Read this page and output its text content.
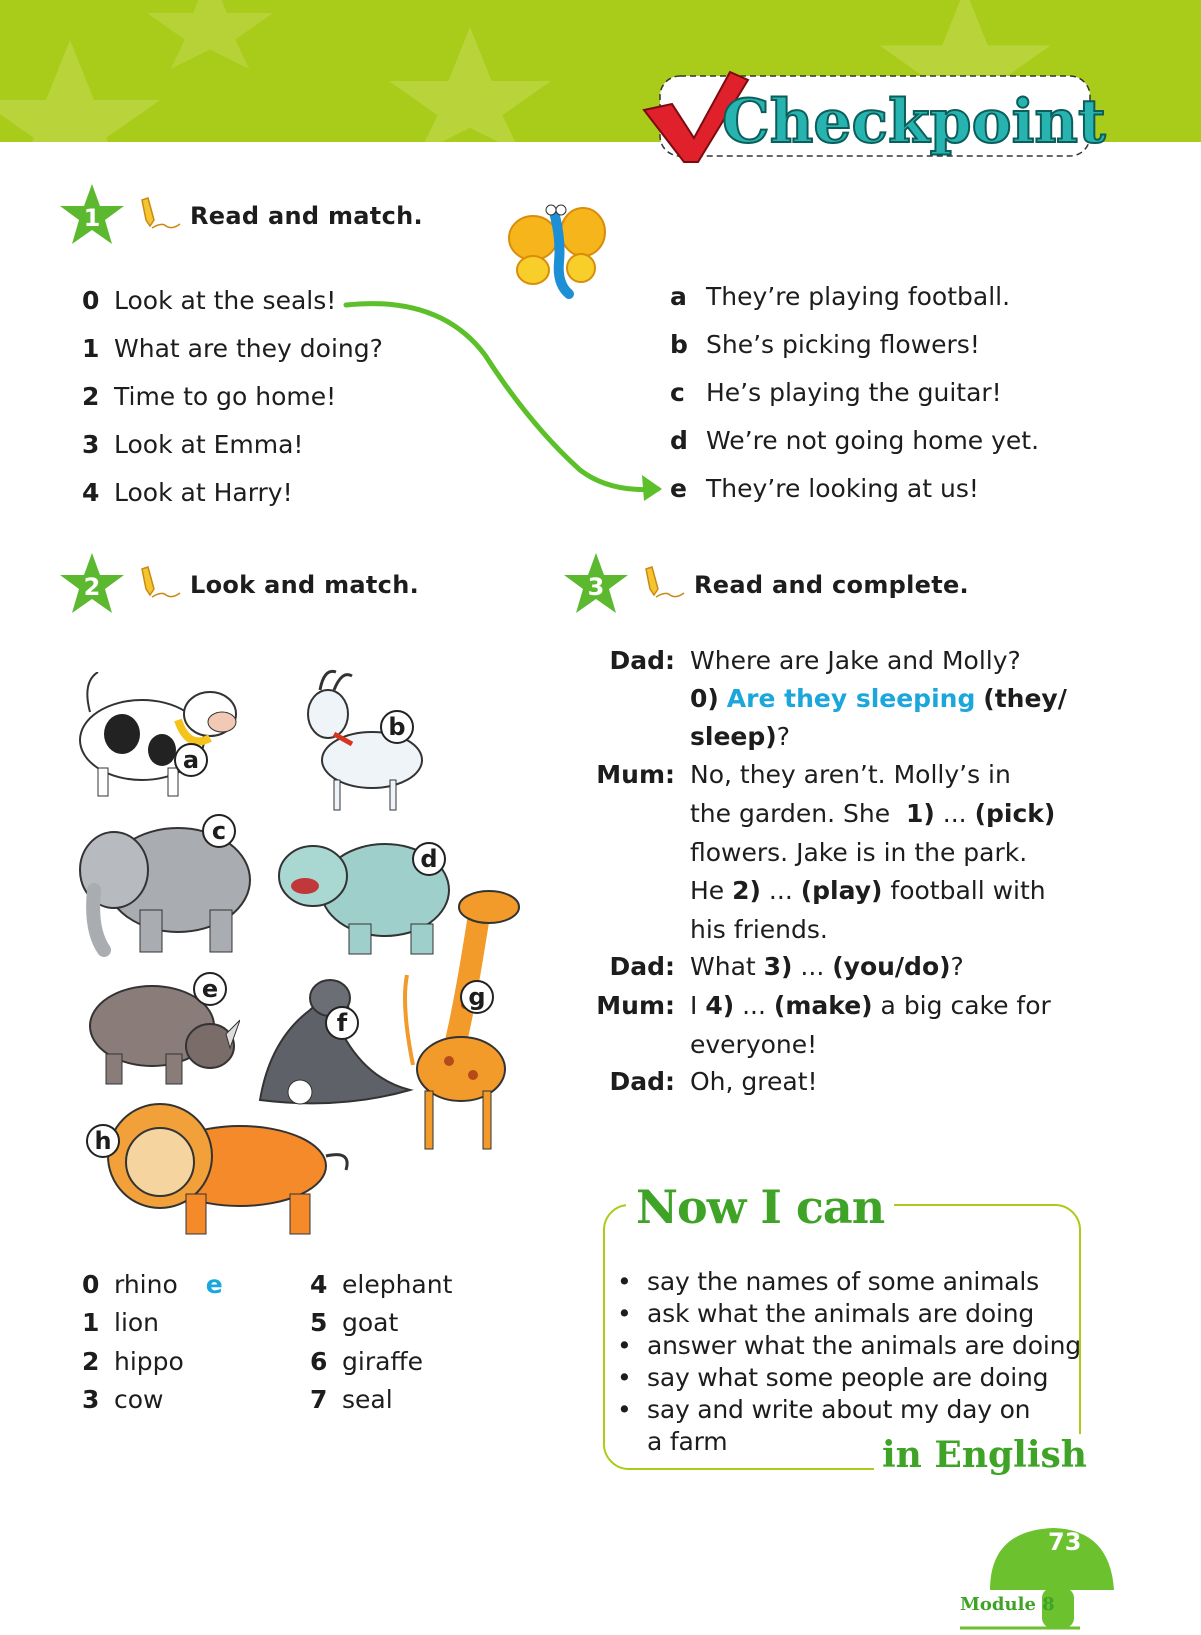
Checkpoint
1	Read and match.
0 Look at the seals!
1 What are they doing?
2 Time to go home!
3 Look at Emma!
4 Look at Harry!
a They’re playing football.
b She’s picking flowers!
c He’s playing the guitar!
d We’re not going home yet.
e They’re looking at us!
2	Look and match.	3	Read and complete.
a
b
c
d
e
f
g
h
0 rhino e
1 lion
2 hippo
3 cow
4 elephant
5 goat
6 giraffe
7 seal
Dad: Where are Jake and Molly?
0) Are they sleeping (they/
sleep)?
Mum: No, they aren’t. Molly’s in
the garden. She 1) ... (pick)
flowers. Jake is in the park.
He 2) ... (play) football with
his friends.
Dad: What 3) ... (you/do)?
Mum: I 4) ... (make) a big cake for
everyone!
Dad: Oh, great!
Now I can
• say the names of some animals
• ask what the animals are doing
• answer what the animals are doing
• say what some people are doing
• say and write about my day on a farm	in English
73
Module 8
